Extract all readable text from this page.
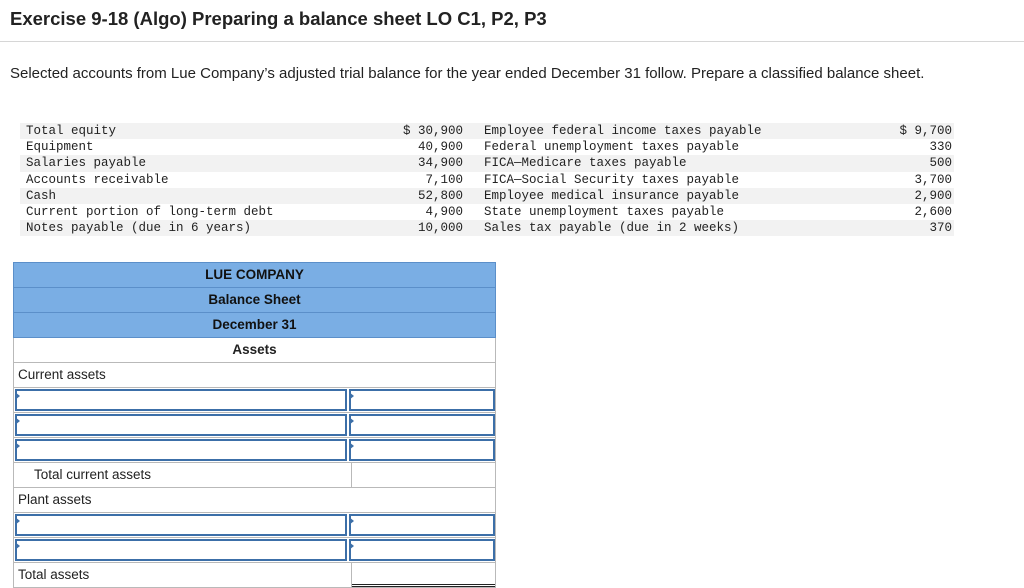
Exercise 9-18 (Algo) Preparing a balance sheet LO C1, P2, P3
Selected accounts from Lue Company’s adjusted trial balance for the year ended December 31 follow. Prepare a classified balance sheet.
Total equity	$ 30,900 Employee federal income taxes payable	$ 9,700
Equipment	40,900 Federal unemployment taxes payable	330
Salaries payable	34,900 FICA—Medicare taxes payable	500
Accounts receivable	7,100 FICA—Social Security taxes payable	3,700
Cash	52,800 Employee medical insurance payable	2,900
Current portion of long-term debt	4,900 State unemployment taxes payable	2,600
Notes payable (due in 6 years)	10,000 Sales tax payable (due in 2 weeks)	370
LUE COMPANY
Balance Sheet
December 31
Assets
Current assets
Total current assets
Plant assets
Total assets
